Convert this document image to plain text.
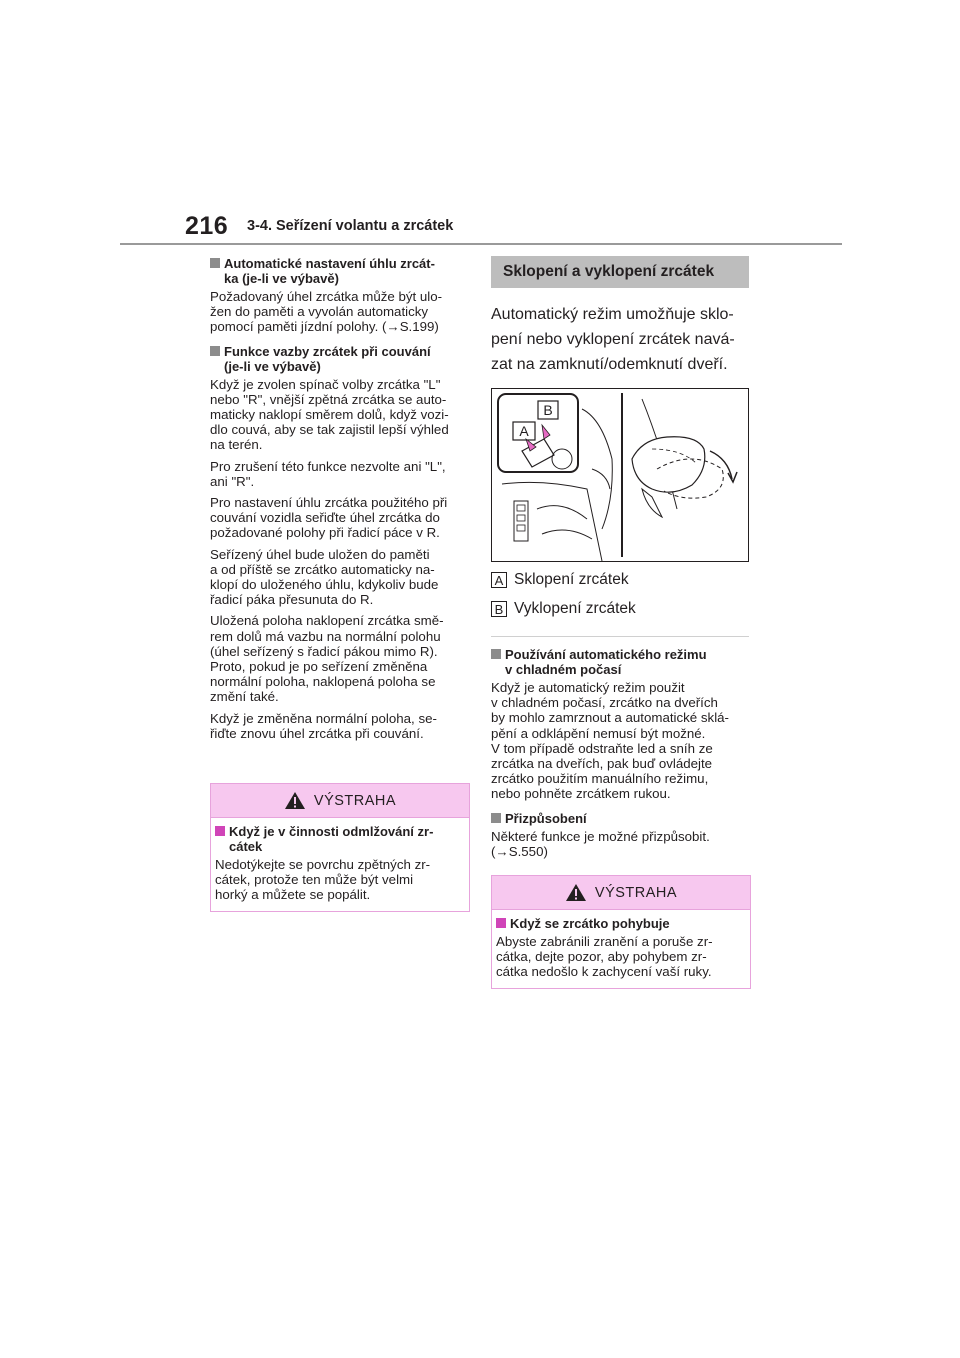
216 3-4. Seřízení volantu a zrcátek
Automatické nastavení úhlu zrcát-
ka (je-li ve výbavě)
Požadovaný úhel zrcátka může být ulo-
žen do paměti a vyvolán automaticky
pomocí paměti jízdní polohy. (→S.199)
Funkce vazby zrcátek při couvání
(je-li ve výbavě)
Když je zvolen spínač volby zrcátka "L"
nebo "R", vnější zpětná zrcátka se auto-
maticky naklopí směrem dolů, když vozi-
dlo couvá, aby se tak zajistil lepší výhled
na terén.
Pro zrušení této funkce nezvolte ani "L",
ani "R".
Pro nastavení úhlu zrcátka použitého při
couvání vozidla seřiďte úhel zrcátka do
požadované polohy při řadicí páce v R.
Seřízený úhel bude uložen do paměti
a od příště se zrcátko automaticky na-
klopí do uloženého úhlu, kdykoliv bude
řadicí páka přesunuta do R.
Uložená poloha naklopení zrcátka smě-
rem dolů má vazbu na normální polohu
(úhel seřízený s řadicí pákou mimo R).
Proto, pokud je po seřízení změněna
normální poloha, naklopená poloha se
změní také.
Když je změněna normální poloha, se-
řiďte znovu úhel zrcátka při couvání.
VÝSTRAHA
Když je v činnosti odmlžování zr-
cátek
Nedotýkejte se povrchu zpětných zr-
cátek, protože ten může být velmi
horký a můžete se popálit.
Sklopení a vyklopení zrcátek
Automatický režim umožňuje sklo-
pení nebo vyklopení zrcátek navá-
zat na zamknutí/odemknutí dveří.
A
B
A Sklopení zrcátek
B Vyklopení zrcátek
Používání automatického režimu
v chladném počasí
Když je automatický režim použit
v chladném počasí, zrcátko na dveřích
by mohlo zamrznout a automatické sklá-
pění a odklápění nemusí být možné.
V tom případě odstraňte led a sníh ze
zrcátka na dveřích, pak buď ovládejte
zrcátko použitím manuálního režimu,
nebo pohněte zrcátkem rukou.
Přizpůsobení
Některé funkce je možné přizpůsobit.
(→S.550)
VÝSTRAHA
Když se zrcátko pohybuje
Abyste zabránili zranění a poruše zr-
cátka, dejte pozor, aby pohybem zr-
cátka nedošlo k zachycení vaší ruky.
